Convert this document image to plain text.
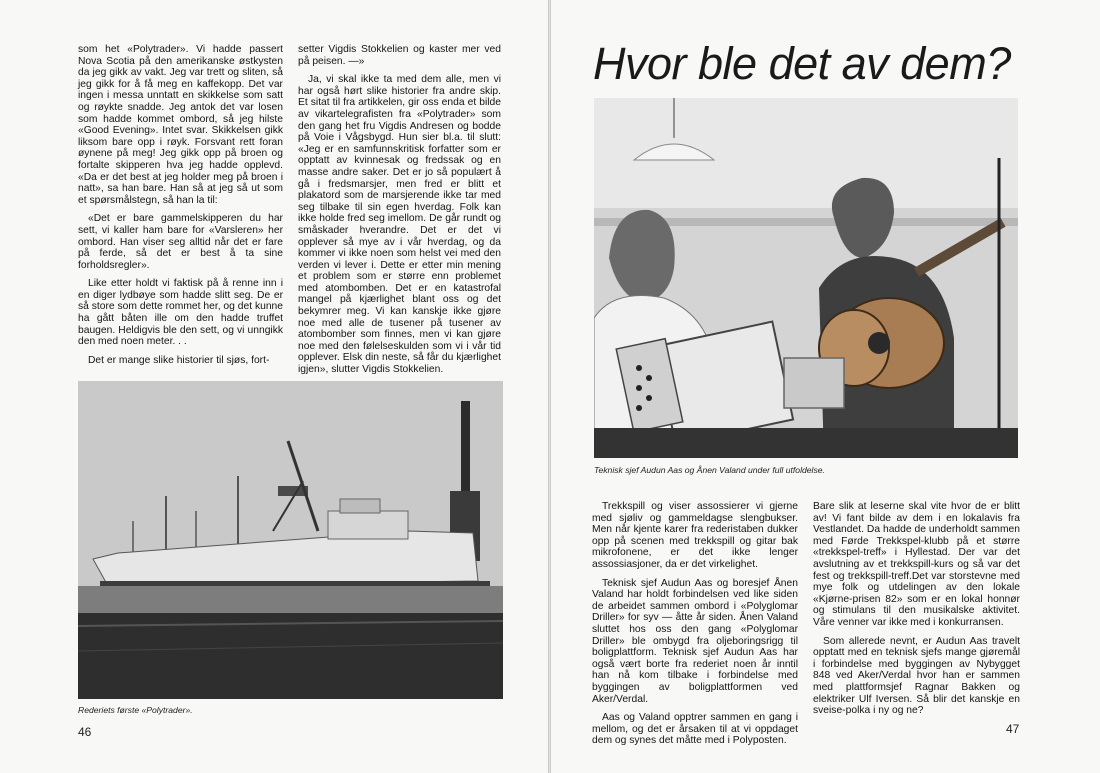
som het «Polytrader». Vi hadde passert Nova Scotia på den amerikanske østkysten da jeg gikk av vakt. Jeg var trett og sliten, så jeg gikk for å få meg en kaffekopp. Det var ingen i messa unntatt en skikkelse som satt og røykte snadde. Jeg antok det var losen som hadde kommet ombord, så jeg hilste «Good Evening». Intet svar. Skikkelsen gikk liksom bare opp i røyk. Forsvant rett foran øynene på meg! Jeg gikk opp på broen og fortalte skipperen hva jeg hadde opplevd. «Da er det best at jeg holder meg på broen i natt», sa han bare. Han så at jeg så ut som et spørsmålstegn, så han la til:

«Det er bare gammelskipperen du har sett, vi kaller ham bare for «Varsleren» her ombord. Han viser seg alltid når det er fare på ferde, så det er best å ta sine forholdsregler».

Like etter holdt vi faktisk på å renne inn i en diger lydbøye som hadde slitt seg. De er så store som dette rommet her, og det kunne ha gått båten ille om den hadde truffet baugen. Heldigvis ble den sett, og vi unngikk den med noen meter. . .

Det er mange slike historier til sjøs, fort-

setter Vigdis Stokkelien og kaster mer ved på peisen. —»

Ja, vi skal ikke ta med dem alle, men vi har også hørt slike historier fra andre skip. Et sitat til fra artikkelen, gir oss enda et bilde av vikartelegrafisten fra «Polytrader» som den gang het fru Vigdis Andresen og bodde på Voie i Vågsbygd. Hun sier bl.a. til slutt: «Jeg er en samfunnskritisk forfatter som er opptatt av kvinnesak og fredssak og en masse andre saker. Det er jo så populært å gå i fredsmarsjer, men fred er blitt et plakatord som de marsjerende ikke tar med seg tilbake til sin egen hverdag. Folk kan ikke holde fred seg imellom. De går rundt og småskader hverandre. Det er det vi opplever så mye av i vår hverdag, og da kommer vi ikke noen som helst vei med den verden vi lever i. Dette er etter min mening et problem som er større enn problemet med atombomben. Det er en katastrofal mangel på kjærlighet blant oss og det bekymrer meg. Vi kan kanskje ikke gjøre noe med alle de tusener på tusener av atombomber som finnes, men vi kan gjøre noe med den følelseskulden som vi i vår tid opplever. Elsk din neste, så får du kjærlighet igjen», slutter Vigdis Stokkelien.

Rederiets første «Polytrader».
46
Hvor ble det av dem?
Teknisk sjef Audun Aas og Ånen Valand under full utfoldelse.

Trekkspill og viser assossierer vi gjerne med sjøliv og gammeldagse slengbukser. Men når kjente karer fra rederistaben dukker opp på scenen med trekkspill og gitar bak mikrofonene, er det ikke lenger assossiasjoner, da er det virkelighet.

Teknisk sjef Audun Aas og boresjef Ånen Valand har holdt forbindelsen ved like siden de arbeidet sammen ombord i «Polyglomar Driller» for syv — åtte år siden. Ånen Valand sluttet hos oss den gang «Polyglomar Driller» ble ombygd fra oljeboringsrigg til boligplattform. Teknisk sjef Audun Aas har også vært borte fra rederiet noen år inntil han nå kom tilbake i forbindelse med byggingen av boligplattformen ved Aker/Verdal.

Aas og Valand opptrer sammen en gang i mellom, og det er årsaken til at vi oppdaget dem og synes det måtte med i Polyposten.

Bare slik at leserne skal vite hvor de er blitt av! Vi fant bilde av dem i en lokalavis fra Vestlandet. Da hadde de underholdt sammen med Førde Trekkspel-klubb på et større «trekkspel-treff» i Hyllestad. Der var det avslutning av et trekkspill-kurs og så var det fest og trekkspill-treff.Det var storstevne med mye folk og utdelingen av den lokale «Kjørne-prisen 82» som er en lokal honnør og stimulans til den musikalske aktivitet. Våre venner var ikke med i konkurransen.

Som allerede nevnt, er Audun Aas travelt opptatt med en teknisk sjefs mange gjøremål i forbindelse med byggingen av Nybygget 848 ved Aker/Verdal hvor han er sammen med plattformsjef Ragnar Bakken og elektriker Ulf Iversen. Så blir det kanskje en sveise-polka i ny og ne?

47
